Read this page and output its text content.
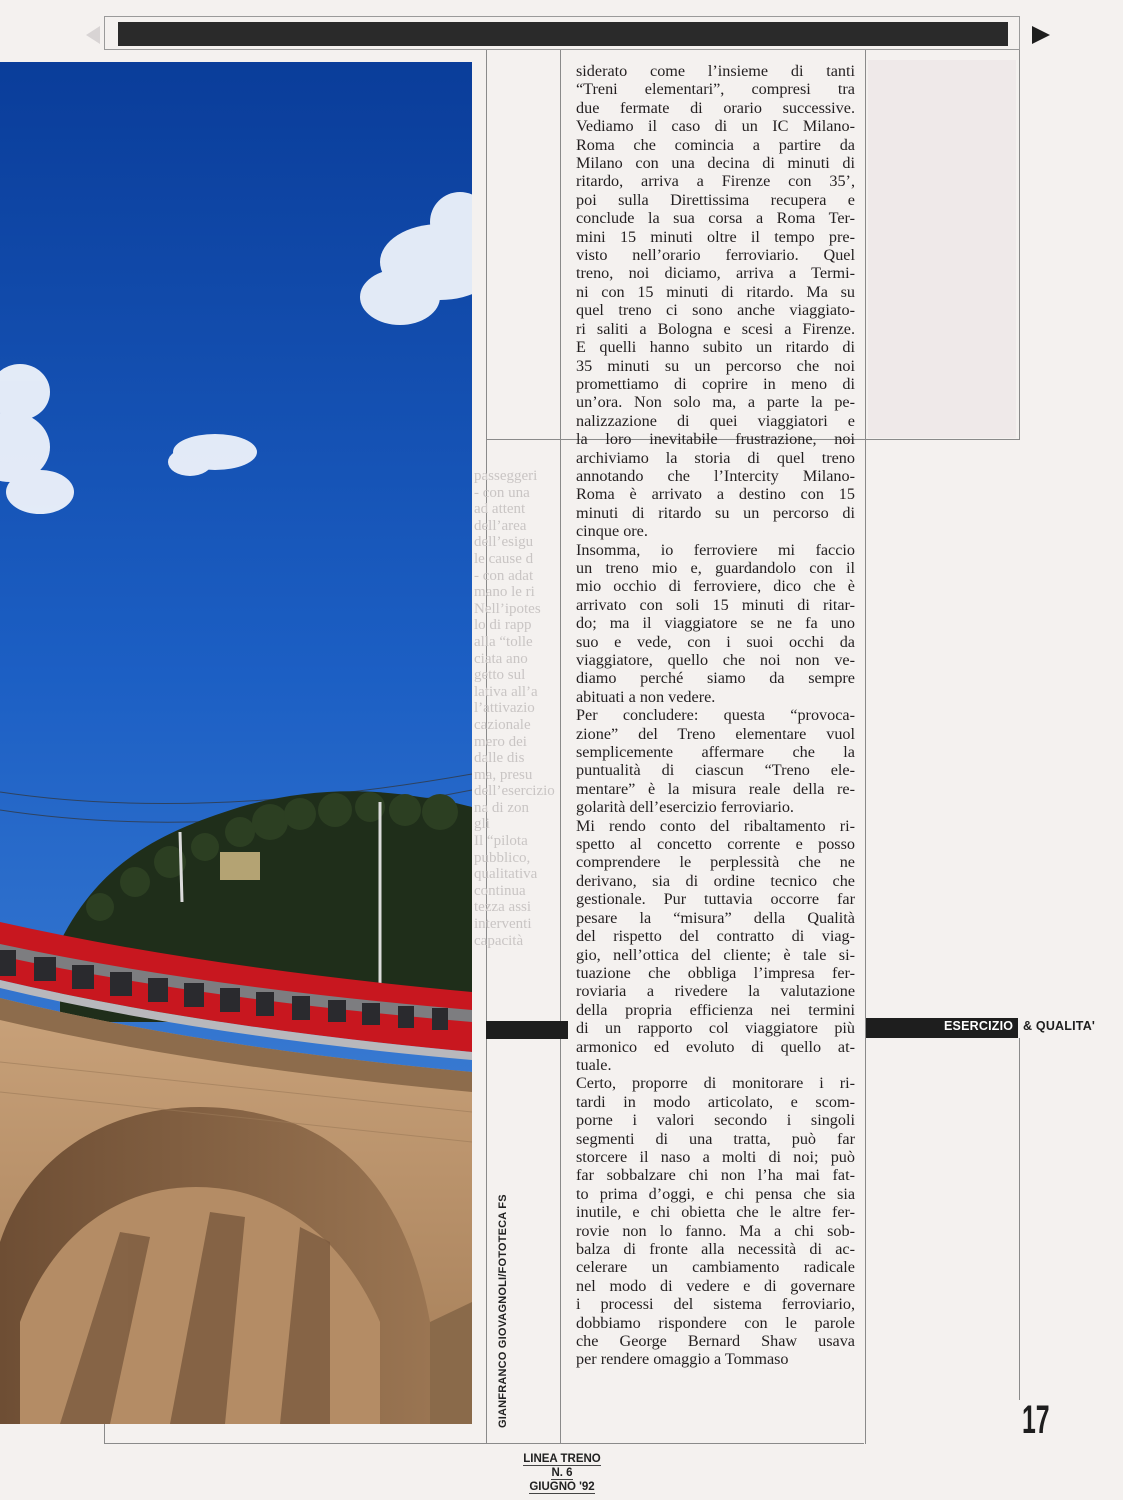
passeggeri
- con una
ad attent
dell’area
dell’esigu
le cause d
- con adat
mano le ri
Nell’ipotes
lo di rapp
alla “tolle
ciata ano
getto sul
lativa all’a
l’attivazio
cazionale
mero dei
dalle dis
ma, presu
dell’esercizio
na di zon
gli
Il “pilota
pubblico,
qualitativa
continua
tezza assi
interventi
capacità
GIANFRANCO GIOVAGNOLI/FOTOTECA FS
siderato come l’insieme di tanti
“Treni elementari”, compresi tra
due fermate di orario successive.
Vediamo il caso di un IC Milano-
Roma che comincia a partire da
Milano con una decina di minuti di
ritardo, arriva a Firenze con 35’,
poi sulla Direttissima recupera e
conclude la sua corsa a Roma Ter-
mini 15 minuti oltre il tempo pre-
visto nell’orario ferroviario. Quel
treno, noi diciamo, arriva a Termi-
ni con 15 minuti di ritardo. Ma su
quel treno ci sono anche viaggiato-
ri saliti a Bologna e scesi a Firenze.
E quelli hanno subito un ritardo di
35 minuti su un percorso che noi
promettiamo di coprire in meno di
un’ora. Non solo ma, a parte la pe-
nalizzazione di quei viaggiatori e
la loro inevitabile frustrazione, noi
archiviamo la storia di quel treno
annotando che l’Intercity Milano-
Roma è arrivato a destino con 15
minuti di ritardo su un percorso di
cinque ore.
Insomma, io ferroviere mi faccio
un treno mio e, guardandolo con il
mio occhio di ferroviere, dico che è
arrivato con soli 15 minuti di ritar-
do; ma il viaggiatore se ne fa uno
suo e vede, con i suoi occhi da
viaggiatore, quello che noi non ve-
diamo perché siamo da sempre
abituati a non vedere.
Per concludere: questa “provoca-
zione” del Treno elementare vuol
semplicemente affermare che la
puntualità di ciascun “Treno ele-
mentare” è la misura reale della re-
golarità dell’esercizio ferroviario.
Mi rendo conto del ribaltamento ri-
spetto al concetto corrente e posso
comprendere le perplessità che ne
derivano, sia di ordine tecnico che
gestionale. Pur tuttavia occorre far
pesare la “misura” della Qualità
del rispetto del contratto di viag-
gio, nell’ottica del cliente; è tale si-
tuazione che obbliga l’impresa fer-
roviaria a rivedere la valutazione
della propria efficienza nei termini
di un rapporto col viaggiatore più
armonico ed evoluto di quello at-
tuale.
Certo, proporre di monitorare i ri-
tardi in modo articolato, e scom-
porne i valori secondo i singoli
segmenti di una tratta, può far
storcere il naso a molti di noi; può
far sobbalzare chi non l’ha mai fat-
to prima d’oggi, e chi pensa che sia
inutile, e chi obietta che le altre fer-
rovie non lo fanno. Ma a chi sob-
balza di fronte alla necessità di ac-
celerare un cambiamento radicale
nel modo di vedere e di governare
i processi del sistema ferroviario,
dobbiamo rispondere con le parole
che George Bernard Shaw usava
per rendere omaggio a Tommaso
ESERCIZIO & QUALITA'
17
LINEA TRENO
N. 6
GIUGNO '92
